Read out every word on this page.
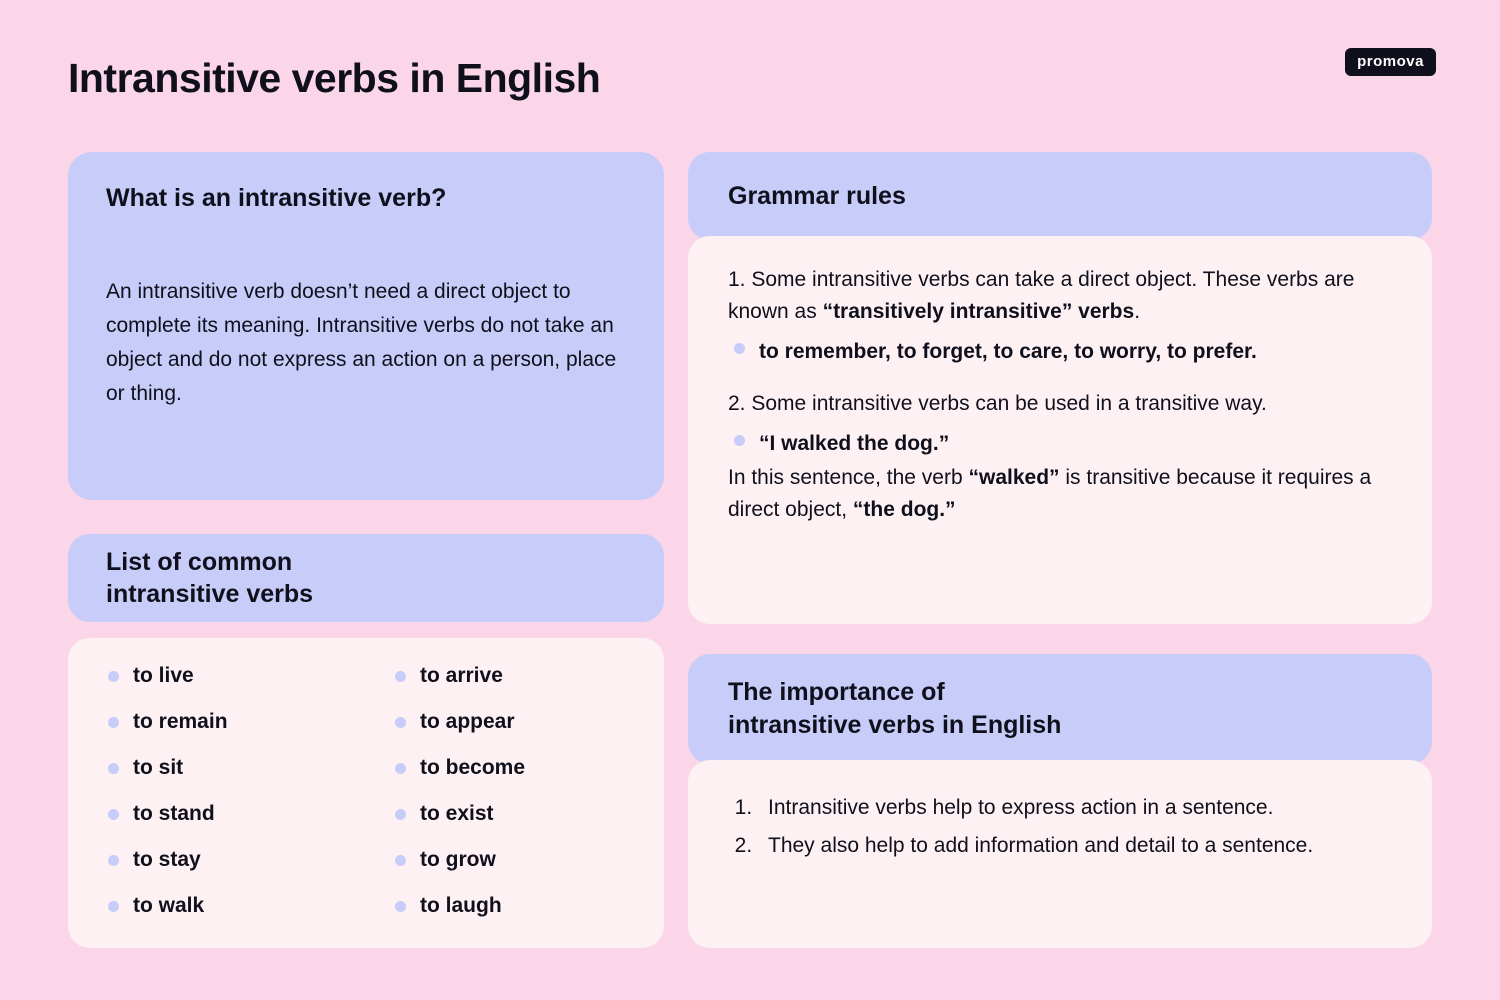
Intransitive verbs in English	promova
What is an intransitive verb?

An intransitive verb doesn’t need a direct object to complete its meaning. Intransitive verbs do not take an object and do not express an action on a person, place or thing.

List of common
intransitive verbs
to live
to remain
to sit
to stand
to stay
to walk
to arrive
to appear
to become
to exist
to grow
to laugh
Grammar rules

1. Some intransitive verbs can take a direct object. These verbs are known as “transitively intransitive” verbs.

to remember, to forget, to care, to worry, to prefer.

2. Some intransitive verbs can be used in a transitive way.

“I walked the dog.”

In this sentence, the verb “walked” is transitive because it requires a direct object, “the dog.”

The importance of
intransitive verbs in English
1. Intransitive verbs help to express action in a sentence.
2. They also help to add information and detail to a sentence.
